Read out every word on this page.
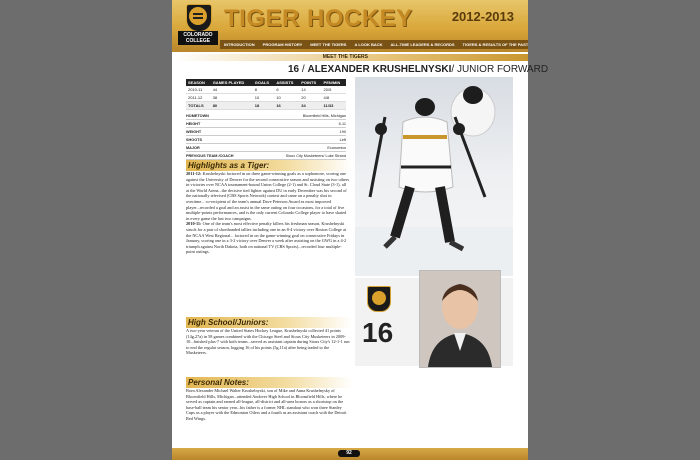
COLORADO COLLEGE
TIGER HOCKEY	2012-2013
INTRODUCTION	PROGRAM HISTORY	MEET THE TIGERS	A LOOK BACK	ALL-TIME LEADERS & RECORDS	TIGERS & RESULTS OF THE PAST
MEET THE TIGERS
16 / ALEXANDER KRUSHELNYSKI/ JUNIOR FORWARD
SEASON	GAMES PLAYED	GOALS	ASSISTS	POINTS	PEN/MIN
2010-11	44	8	6	14	20/5
2011-12	38	10	10	20	4/8
TOTALS	80	18	16	34	11/33
HOMETOWN	Bloomfield Hills, Michigan
HEIGHT	5-11
WEIGHT	190
SHOOTS	Left
MAJOR	Economics
PREVIOUS TEAM /COACH	Sioux City Musketeers/ Luke Strand
Highlights as a Tiger:
2011-12: Krushelnyski factored in on three game-winning goals as a sophomore, scoring one against the University of Denver for the second consecutive season and assisting on two others in victories over NCAA tournament-bound Union College (2-1) and St. Cloud State (3-1), all at the World Arena...the decisive tied lighter against DU in early December was his second of the nationally televised (CBS Sports Network) contest and came on a penalty shot in overtime... co-recipient of the team's annual Dave Peterson Award as most improved player...recorded a goal and an assist in the same outing on four occasions, for a total of five multiple-points performances, and is the only current Colorado College player to have skated in every game the last two campaigns.
2010-11: One of the team's most effective penalty killers his freshman season, Krushelnyski struck for a pair of shorthanded tallies including one in an 8-4 victory over Boston College at the NCAA West Regional... factored in on the game-winning goal on consecutive Fridays in January, scoring one in a 3-2 victory over Denver a week after assisting on the GWG in a 4-2 triumph against North Dakota, both on national TV (CBS Sports)...recorded four multiple-point outings.
High School/Juniors:
A two-year veteran of the United States Hockey League, Krushelnyski collected 41 points (14g,27a) in 58 games combined with the Chicago Steel and Sioux City Musketeers in 2009-10...finished plus-7 with both teams...served as assistant captain during Sioux City's 12-1-1 run to end the regular season, logging 16 of his points (5g,11a) after being traded to the Musketeers.
Personal Notes:
Born Alexander Michael Walter Krushelnyski, son of Mike and Anna Krushelnysky of Bloomfield Hills, Michigan...attended Andover High School in Bloomfield Hills, where he served as captain and earned all-league, all-district and all-area honors as a shortstop on the base-ball team his senior year...his father is a former NHL standout who won three Stanley Cups as a player with the Edmonton Oilers and a fourth as an assistant coach with the Detroit Red Wings.
16
92
